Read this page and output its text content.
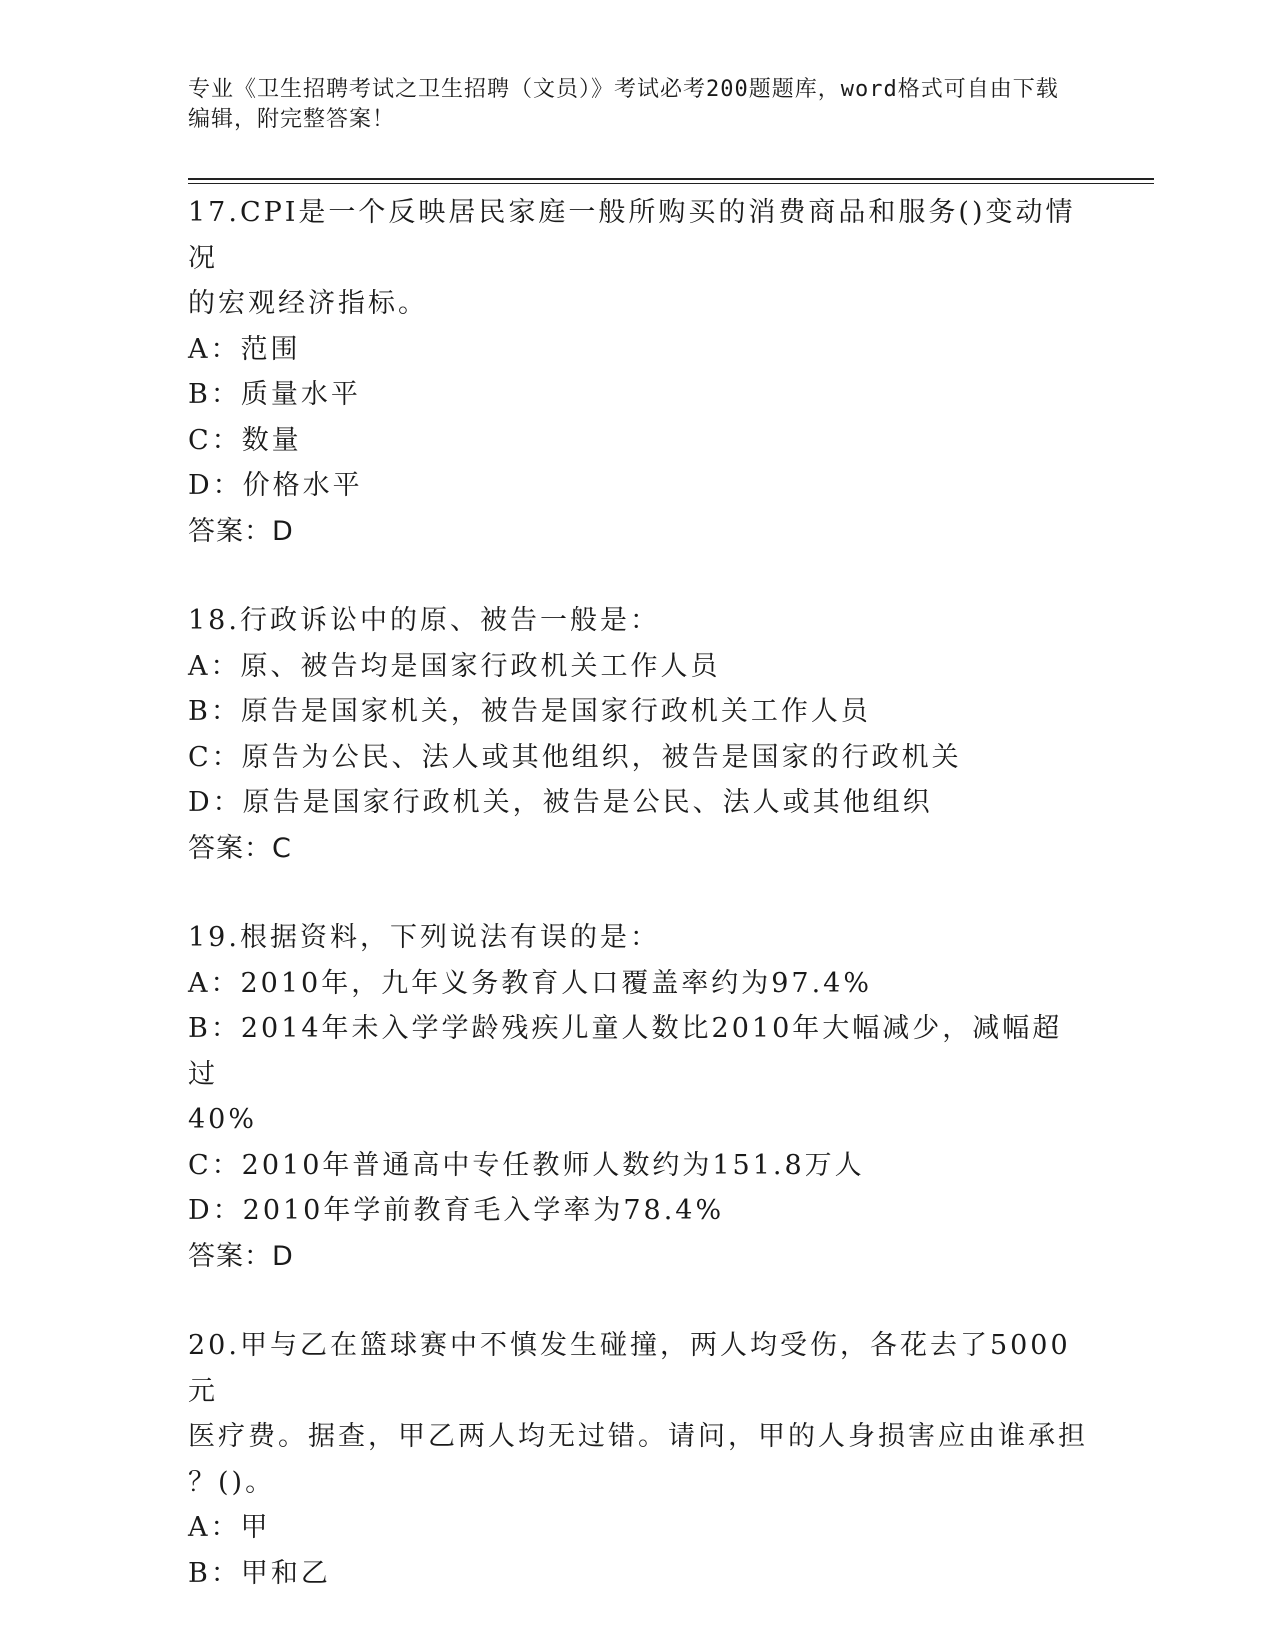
专业《卫生招聘考试之卫生招聘（文员）》考试必考200题题库，word格式可自由下载编辑，附完整答案！
17.CPI是一个反映居民家庭一般所购买的消费商品和服务()变动情况
的宏观经济指标。
A：范围
B：质量水平
C：数量
D：价格水平
答案：D
18.行政诉讼中的原、被告一般是：
A：原、被告均是国家行政机关工作人员
B：原告是国家机关，被告是国家行政机关工作人员
C：原告为公民、法人或其他组织，被告是国家的行政机关
D：原告是国家行政机关，被告是公民、法人或其他组织
答案：C
19.根据资料，下列说法有误的是：
A：2010年，九年义务教育人口覆盖率约为97.4%
B：2014年未入学学龄残疾儿童人数比2010年大幅减少，减幅超过
40%
C：2010年普通高中专任教师人数约为151.8万人
D：2010年学前教育毛入学率为78.4%
答案：D
20.甲与乙在篮球赛中不慎发生碰撞，两人均受伤，各花去了5000元
医疗费。据查，甲乙两人均无过错。请问，甲的人身损害应由谁承担
？()。
A：甲
B：甲和乙
